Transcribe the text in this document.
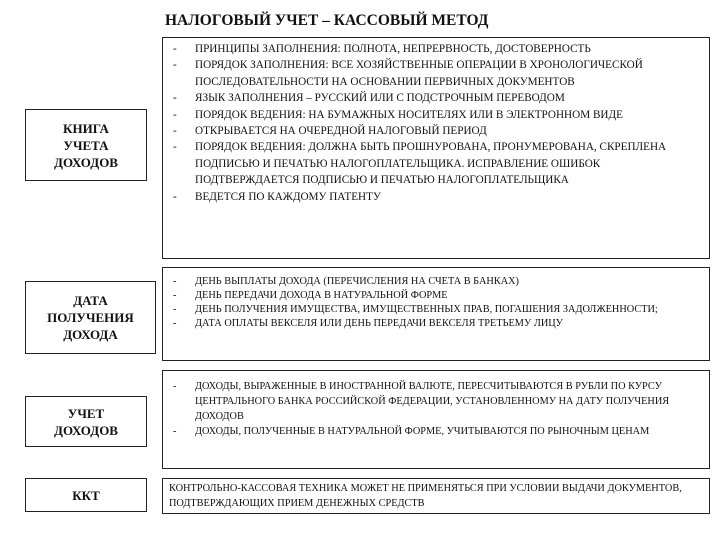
НАЛОГОВЫЙ УЧЕТ – КАССОВЫЙ МЕТОД
КНИГА
УЧЕТА
ДОХОДОВ
ДАТА
ПОЛУЧЕНИЯ
ДОХОДА
УЧЕТ
ДОХОДОВ
ККТ
- ПРИНЦИПЫ ЗАПОЛНЕНИЯ: ПОЛНОТА, НЕПРЕРВНОСТЬ, ДОСТОВЕРНОСТЬ
- ПОРЯДОК ЗАПОЛНЕНИЯ: ВСЕ ХОЗЯЙСТВЕННЫЕ ОПЕРАЦИИ В ХРОНОЛОГИЧЕСКОЙ ПОСЛЕДОВАТЕЛЬНОСТИ НА ОСНОВАНИИ ПЕРВИЧНЫХ ДОКУМЕНТОВ
- ЯЗЫК ЗАПОЛНЕНИЯ – РУССКИЙ ИЛИ С ПОДСТРОЧНЫМ ПЕРЕВОДОМ
- ПОРЯДОК ВЕДЕНИЯ: НА БУМАЖНЫХ НОСИТЕЛЯХ ИЛИ В ЭЛЕКТРОННОМ ВИДЕ
- ОТКРЫВАЕТСЯ НА ОЧЕРЕДНОЙ НАЛОГОВЫЙ ПЕРИОД
- ПОРЯДОК ВЕДЕНИЯ: ДОЛЖНА БЫТЬ ПРОШНУРОВАНА, ПРОНУМЕРОВАНА, СКРЕПЛЕНА ПОДПИСЬЮ И ПЕЧАТЬЮ НАЛОГОПЛАТЕЛЬЩИКА. ИСПРАВЛЕНИЕ ОШИБОК ПОДТВЕРЖДАЕТСЯ ПОДПИСЬЮ И ПЕЧАТЬЮ НАЛОГОПЛАТЕЛЬЩИКА
- ВЕДЕТСЯ ПО КАЖДОМУ ПАТЕНТУ
- ДЕНЬ ВЫПЛАТЫ ДОХОДА (ПЕРЕЧИСЛЕНИЯ НА СЧЕТА В БАНКАХ)
- ДЕНЬ ПЕРЕДАЧИ ДОХОДА В НАТУРАЛЬНОЙ ФОРМЕ
- ДЕНЬ ПОЛУЧЕНИЯ ИМУЩЕСТВА, ИМУЩЕСТВЕННЫХ ПРАВ, ПОГАШЕНИЯ ЗАДОЛЖЕННОСТИ;
- ДАТА ОПЛАТЫ ВЕКСЕЛЯ ИЛИ ДЕНЬ ПЕРЕДАЧИ ВЕКСЕЛЯ ТРЕТЬЕМУ ЛИЦУ
- ДОХОДЫ, ВЫРАЖЕННЫЕ В ИНОСТРАННОЙ ВАЛЮТЕ, ПЕРЕСЧИТЫВАЮТСЯ В РУБЛИ ПО КУРСУ ЦЕНТРАЛЬНОГО БАНКА РОССИЙСКОЙ ФЕДЕРАЦИИ, УСТАНОВЛЕННОМУ НА ДАТУ ПОЛУЧЕНИЯ ДОХОДОВ
- ДОХОДЫ, ПОЛУЧЕННЫЕ В НАТУРАЛЬНОЙ ФОРМЕ, УЧИТЫВАЮТСЯ ПО РЫНОЧНЫМ ЦЕНАМ
КОНТРОЛЬНО-КАССОВАЯ ТЕХНИКА МОЖЕТ НЕ ПРИМЕНЯТЬСЯ ПРИ УСЛОВИИ ВЫДАЧИ ДОКУМЕНТОВ, ПОДТВЕРЖДАЮЩИХ ПРИЕМ ДЕНЕЖНЫХ СРЕДСТВ
